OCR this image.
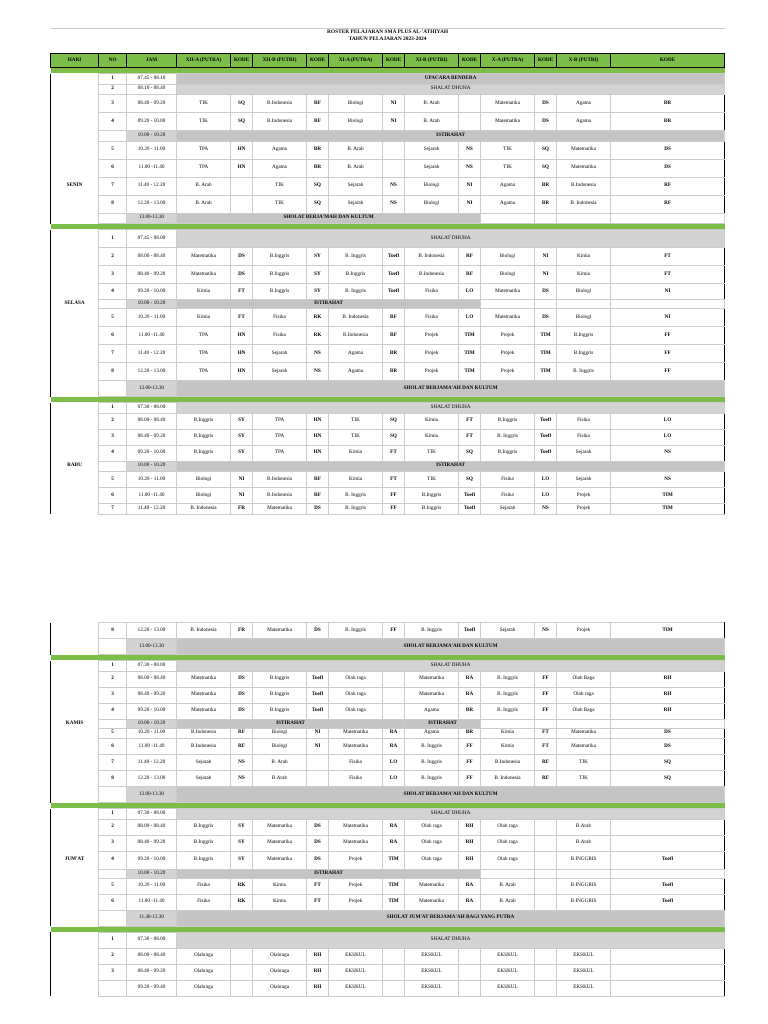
ROSTER PELAJARAN SMA PLUS AL-'ATHIYAH														
TAHUN PELAJARAN 2023-2024														

HARI	NO	JAM	XII-A (PUTRA)	KODE	XII-B (PUTRI)	KODE	XI-A (PUTRA)	KODE	XI-B (PUTRI)	KODE	X-A (PUTRA)	KODE	X-B (PUTRI)	KODE

	1	07.45 - 08.10	UPACARA BENDERA											
	2	08.10 - 08.40	SHALAT DHUHA											
	3	08.40 - 09.20	TIK	SQ	B.Indonesia	RF	Biologi	NI	B. Arab		Matematika	DS	Agama	BR
	4	09.20 - 10.00	TIK	SQ	B.Indonesia	RF	Biologi	NI	B. Arab		Matematika	DS	Agama	BR
		10.00 - 10.20	ISTIRAHAT											
	5	10.20 - 11.00	TPA	HN	Agama	BR	B. Arab		Sejarah	NS	TIK	SQ	Matematika	DS
	6	11.00 -11.40	TPA	HN	Agama	BR	B. Arab		Sejarah	NS	TIK	SQ	Matematika	DS
SENIN	7	11.40 - 12.20	B. Arab		TIK	SQ	Sejarah	NS	Biologi	NI	Agama	BR	B.Indonesia	RF
	8	12.20 - 13.00	B. Arab		TIK	SQ	Sejarah	NS	Biologi	NI	Agama	BR	B. Indonesia	RF
		13.00-13.30	SHOLAT BERJA'MAH DAN KULTUM											

	1	07.45 - 08.00	SHALAT DHUHA											
	2	08.00 - 08.40	Matematika	DS	B.Inggris	SY	B. Inggris	Toefl	B. Indonesia	RF	Biologi	NI	Kimia	FT
	3	08.40 - 09.20	Matematika	DS	B.Inggris	SY	B.Inggris	Toefl	B.Indonesia	RF	Biologi	NI	Kimia	FT
	4	09.20 - 10.00	Kimia	FT	B.Inggris	SY	B. Inggris	Toefl	Fisika	LO	Matematika	DS	Biologi	NI
SELASA		10.00 - 10.20	ISTIRAHAT											
	5	10.20 - 11.00	Kimia	FT	Fisika	RK	B. Indonesia	RF	Fisika	LO	Matematika	DS	Biologi	NI
	6	11.00 -11.40	TPA	HN	Fisika	RK	B.Indonesia	RF	Projek	TIM	Projek	TIM	B.Inggris	FF
	7	11.40 - 12.20	TPA	HN	Sejarah	NS	Agama	BR	Projek	TIM	Projek	TIM	B.Inggris	FF
	8	12.20 - 13.00	TPA	HN	Sejarah	NS	Agama	BR	Projek	TIM	Projek	TIM	B. Inggris	FF
		13.00-13.30	SHOLAT BERJAMA'AH DAN KULTUM											

	1	07.30 - 08.00	SHALAT DHUHA											
	2	08.00 - 08.40	B.Inggris	SY	TPA	HN	TIK	SQ	Kimia	FT	B.Inggris	Toefl	Fisika	LO
	3	08.40 - 09.20	B.Inggris	SY	TPA	HN	TIK	SQ	Kimia	FT	B. Inggris	Toefl	Fisika	LO
	4	09.20 - 10.00	B.Inggris	SY	TPA	HN	Kimia	FT	TIK	SQ	B.Inggris	Toefl	Sejarah	NS
RABU		10.00 - 10.20	ISTIRAHAT											
	5	10.20 - 11.00	Biologi	NI	B.Indonesia	RF	Kimia	FT	TIK	SQ	Fisika	LO	Sejarah	NS
	6	11.00 -11.40	Biologi	NI	B.Indonesia	RF	B. Inggris	FF	B.Inggris	Toefl	Fisika	LO	Projek	TIM
	7	11.40 - 12.20	B. Indonesia	FR	Matematika	DS	B. Inggris	FF	B.Inggris	Toefl	Sejarah	NS	Projek	TIM
	8	12.20 - 13.00	B. Indonesia	FR	Matematika	DS	B. Inggris	FF	B. Inggris	Toefl	Sejarah	NS	Projek	TIM
		13.00-13.30	SHOLAT BERJAMA'AH DAN KULTUM											

	1	07.30 - 08.00	SHALAT DHUHA											
	2	08.00 - 08.40	Matematika	DS	B.Inggris	Toefl	Olah raga		Matematika	RA	B. Inggris	FF	Olah Raga	RH
	3	08.40 - 09.20	Matematika	DS	B.Inggris	Toefl	Olah raga		Matematika	RA	B. Inggris	FF	Olah raga	RH
	4	09.20 - 10.00	Matematika	DS	B.Inggris	Toefl	Olah raga		Agama	BR	B. Inggris	FF	Olah Raga	RH
KAMIS		10.00 - 10.20	ISTIRAHAT						ISTIRAHAT					
	5	10.20 - 11.00	B.Indonesia	RF	Biologi	NI	Matematika	RA	Agama	BR	Kimia	FT	Matematika	DS
	6	11.00 -11.40	B.Indonesia	RF	Biologi	NI	Matematika	RA	B. Inggris	FF	Kimia	FT	Matematika	DS
	7	11.40 - 12.20	Sejarah	NS	B. Arab		Fisika	LO	B. Inggris	FF	B.Indonesia	RF	TIK	SQ
	8	12.20 - 13.00	Sejarah	NS	B.Arab		Fisika	LO	B. Inggris	FF	B. Indonesia	RF	TIK	SQ
		13.00-13.30	SHOLAT BERJAMA'AH DAN KULTUM											

	1	07.30 - 08.00	SHALAT DHUHA											
	2	08.00 - 08.40	B.Inggris	SY	Matematika	DS	Matematika	RA	Olah raga	RH	Olah raga		B.Arab	
	3	08.40 - 09.20	B.Inggris	SY	Matematika	DS	Matematika	RA	Olah raga	RH	Olah raga		B.Arab	
JUM'AT	4	09.20 - 10.00	B.Inggris	SY	Matematika	DS	Projek	TIM	Olah raga	RH	Olah raga		B.INGGRIS	Toefl
		10.00 - 10.20	ISTIRAHAT											
	5	10.20 - 11.00	Fisika	RK	Kimia	FT	Projek	TIM	Matematika	RA	B. Arab		B.INGGRIS	Toefl
	6	11.00 -11.40	Fisika	RK	Kimia	FT	Projek	TIM	Matematika	RA	B. Arab		B.INGGRIS	Toefl
		11.40-13.30	SHOLAT JUM'AT BERJAMA'AH BAGI YANG PUTRA											

	1	07.30 - 08.00	SHALAT DHUHA											
	2	08.00 - 08.40	Olahraga		Olahraga	RH	EKSKUL		EKSKUL		EKSKUL		EKSKUL	
	3	08.40 - 09.20	Olahraga		Olahraga	RH	EKSKUL		EKSKUL		EKSKUL		EKSKUL	
		09.20 - 09.40	Olahraga		Olahraga	RH	EKSKUL		EKSKUL		EKSKUL		EKSKUL	
